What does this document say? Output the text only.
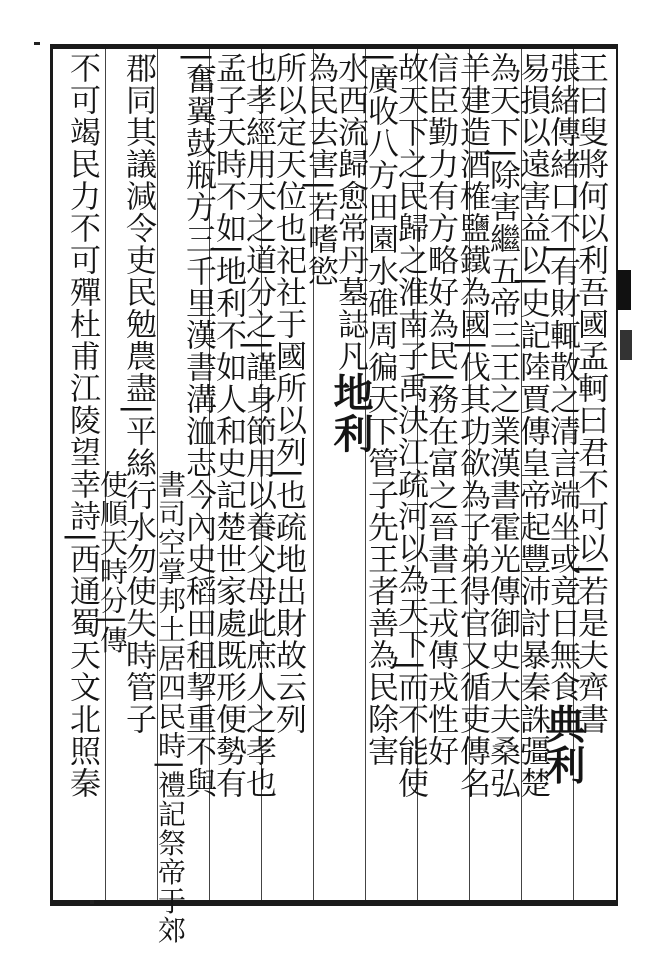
王曰叟將何以利吾國孟軻曰君不可以|若是夫齊書
張緒傳緒口不|有財輒散之清言端坐或竟日無食典利
易損以遠害益以|史記陸賈傳皇帝起豐沛討暴秦誅彊楚
為天下|除害繼五帝三王之業漢書霍光傳御史大夫桑弘
羊建造酒榷鹽鐵為國|伐其功欲為子弟得官又循吏傳名
信臣勤力有方略好為民|務在富之晉書王戎傳戎性好
故天下之民歸之淮南子禹決江疏河以為天下|而不能使
|廣收八方田園水碓周徧天下管子先王者善為民除害
水西流歸愈常丹墓誌凡地利
為民去害|若嗜慾
所以定天位也祀社于國所以列|也疏地出財故云列
也孝經用天之道分之|謹身節用以養父母此庶人之孝也
孟子天時不如|地利不如人和史記楚世家處既形便勢有
|奮翼鼓瓶方三千里漢書溝洫志今內史稻田租挈重不與
郡同其議減令吏民勉農盡|平絲行水勿使失時管子
不可竭民力不可殫杜甫江陵望幸詩|西通蜀天文北照秦 書司空掌邦土居四民時|禮記祭帝于郊
使順天時分|傳
